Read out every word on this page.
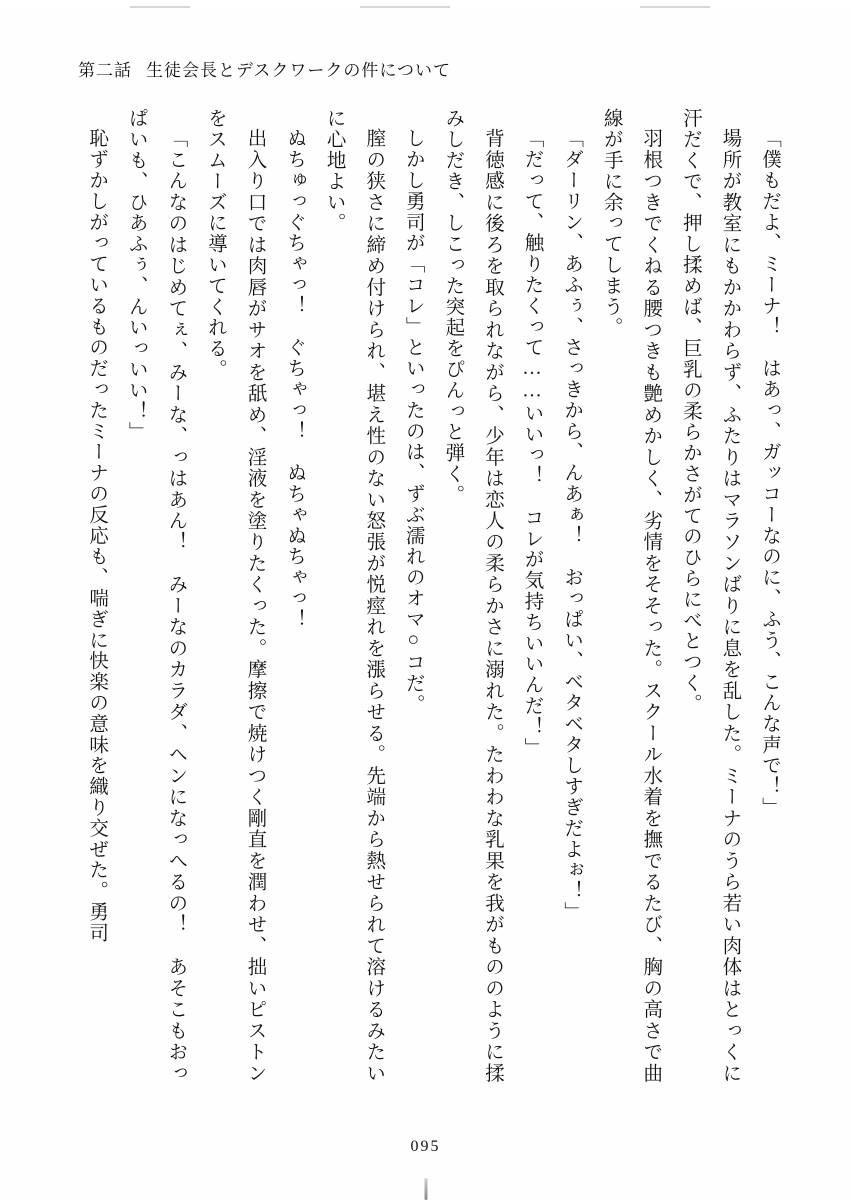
第二話 生徒会長とデスクワークの件について

「僕もだよ、ミーナ！　はあっ、ガッコーなのに、ふう、こんな声で！」

場所が教室にもかかわらず、ふたりはマラソンばりに息を乱した。ミーナのうら若い肉体はとっくに汗だくで、押し揉めば、巨乳の柔らかさがてのひらにべとつく。

羽根つきでくねる腰つきも艶めかしく、劣情をそそった。スクール水着を撫でるたび、胸の高さで曲線が手に余ってしまう。

「ダーリン、あふぅ、さっきから、んあぁ！　おっぱい、ベタベタしすぎだよぉ！」

「だって、触りたくって……いいっ！　コレが気持ちいいんだ！」

背徳感に後ろを取られながら、少年は恋人の柔らかさに溺れた。たわわな乳果を我がもののように揉みしだき、しこった突起をぴんっと弾く。

しかし勇司が「コレ」といったのは、ずぶ濡れのオマ○コだ。

膣の狭さに締め付けられ、堪え性のない怒張が悦痙れを漲らせる。先端から熱せられて溶けるみたいに心地よい。

ぬちゅっぐちゃっ！　ぐちゃっ！　ぬちゃぬちゃっ！

出入り口では肉唇がサオを舐め、淫液を塗りたくった。摩擦で焼けつく剛直を潤わせ、拙いピストンをスムーズに導いてくれる。

「こんなのはじめてぇ、みーな、っはあん！　みーなのカラダ、ヘンになっへるの！　あそこもおっぱいも、ひあふぅ、んいっいい！」

恥ずかしがっているものだったミーナの反応も、喘ぎに快楽の意味を織り交ぜた。勇司

095
